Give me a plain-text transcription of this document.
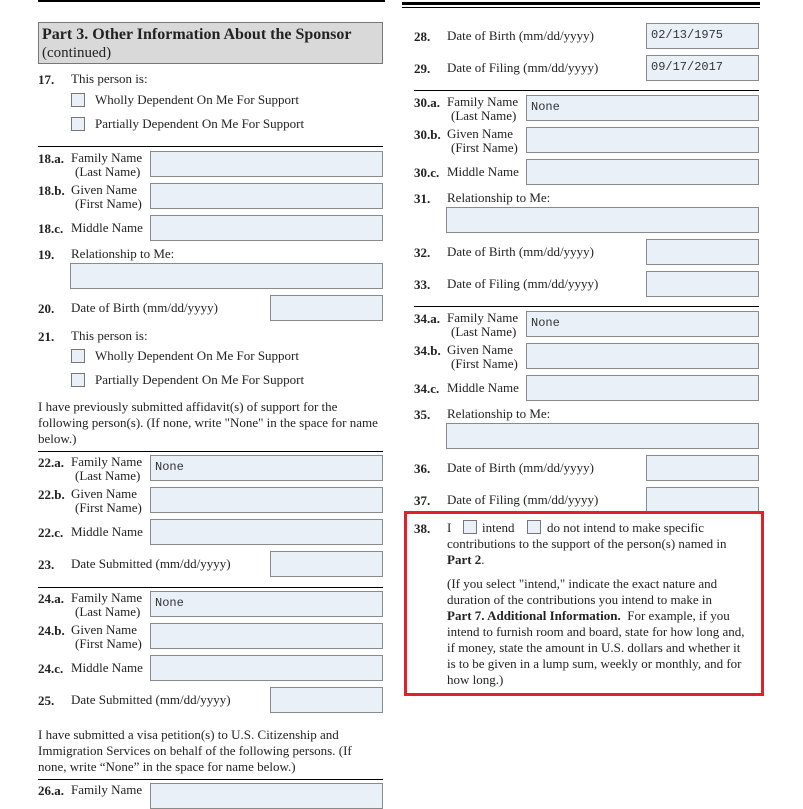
Part 3. Other Information About the Sponsor
(continued)
17. This person is:
Wholly Dependent On Me For Support
Partially Dependent On Me For Support
18.a. Family Name
(Last Name)
18.b. Given Name
(First Name)
18.c. Middle Name
19. Relationship to Me:
20. Date of Birth (mm/dd/yyyy)
21. This person is:
Wholly Dependent On Me For Support
Partially Dependent On Me For Support
I have previously submitted affidavit(s) of support for the following person(s). (If none, write "None" in the space for name below.)
22.a. Family Name
(Last Name)
None
22.b. Given Name
(First Name)
22.c. Middle Name
23. Date Submitted (mm/dd/yyyy)
24.a. Family Name
(Last Name)
None
24.b. Given Name
(First Name)
24.c. Middle Name
25. Date Submitted (mm/dd/yyyy)
I have submitted a visa petition(s) to U.S. Citizenship and Immigration Services on behalf of the following persons. (If none, write “None” in the space for name below.)
26.a. Family Name
28. Date of Birth (mm/dd/yyyy)	02/13/1975
29. Date of Filing (mm/dd/yyyy)	09/17/2017
30.a. Family Name
(Last Name)
None
30.b. Given Name
(First Name)
30.c. Middle Name
31. Relationship to Me:
32. Date of Birth (mm/dd/yyyy)
33. Date of Filing (mm/dd/yyyy)
34.a. Family Name
(Last Name)
None
34.b. Given Name
(First Name)
34.c. Middle Name
35. Relationship to Me:
36. Date of Birth (mm/dd/yyyy)
37. Date of Filing (mm/dd/yyyy)
38. I intend	do not intend to make specific
contributions to the support of the person(s) named in
Part 2.
(If you select "intend," indicate the exact nature and
duration of the contributions you intend to make in
Part 7. Additional Information.  For example, if you
intend to furnish room and board, state for how long and,
if money, state the amount in U.S. dollars and whether it
is to be given in a lump sum, weekly or monthly, and for
how long.)
